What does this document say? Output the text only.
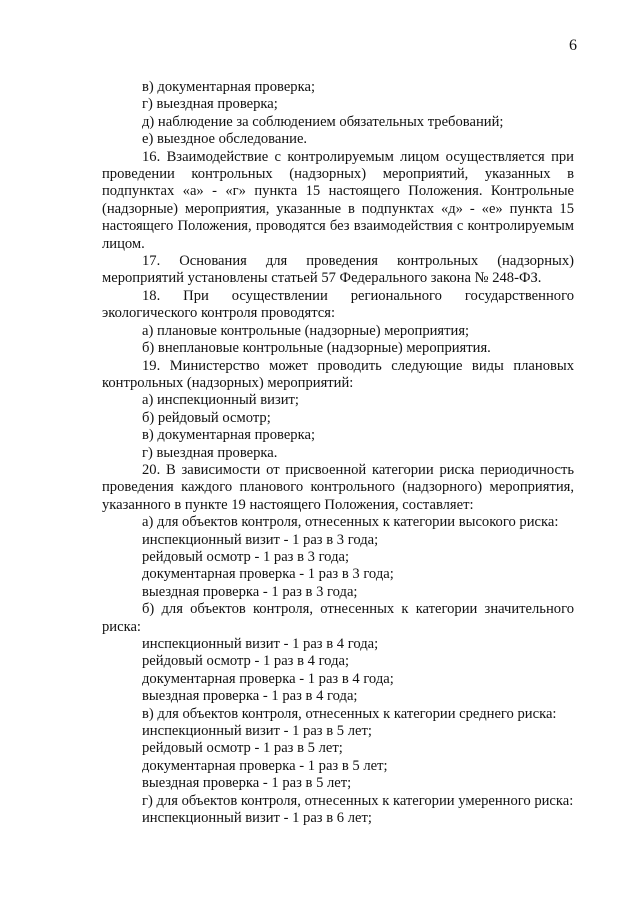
6

в) документарная проверка;

г) выездная проверка;

д) наблюдение за соблюдением обязательных требований;

е) выездное обследование.

16. Взаимодействие с контролируемым лицом осуществляется при проведении контрольных (надзорных) мероприятий, указанных в подпунктах «а» - «г» пункта 15 настоящего Положения. Контрольные (надзорные) мероприятия, указанные в подпунктах «д» - «е» пункта 15 настоящего Положения, проводятся без взаимодействия с контролируемым лицом.

17. Основания для проведения контрольных (надзорных) мероприятий установлены статьей 57 Федерального закона № 248-ФЗ.

18. При осуществлении регионального государственного экологического контроля проводятся:

а) плановые контрольные (надзорные) мероприятия;

б) внеплановые контрольные (надзорные) мероприятия.

19. Министерство может проводить следующие виды плановых контрольных (надзорных) мероприятий:

а) инспекционный визит;

б) рейдовый осмотр;

в) документарная проверка;

г) выездная проверка.

20. В зависимости от присвоенной категории риска периодичность проведения каждого планового контрольного (надзорного) мероприятия, указанного в пункте 19 настоящего Положения, составляет:

а) для объектов контроля, отнесенных к категории высокого риска:

инспекционный визит - 1 раз в 3 года;

рейдовый осмотр - 1 раз в 3 года;

документарная проверка - 1 раз в 3 года;

выездная проверка - 1 раз в 3 года;

б) для объектов контроля, отнесенных к категории значительного риска:

инспекционный визит - 1 раз в 4 года;

рейдовый осмотр - 1 раз в 4 года;

документарная проверка - 1 раз в 4 года;

выездная проверка - 1 раз в 4 года;

в) для объектов контроля, отнесенных к категории среднего риска:

инспекционный визит - 1 раз в 5 лет;

рейдовый осмотр - 1 раз в 5 лет;

документарная проверка - 1 раз в 5 лет;

выездная проверка - 1 раз в 5 лет;

г) для объектов контроля, отнесенных к категории умеренного риска:

инспекционный визит - 1 раз в 6 лет;
